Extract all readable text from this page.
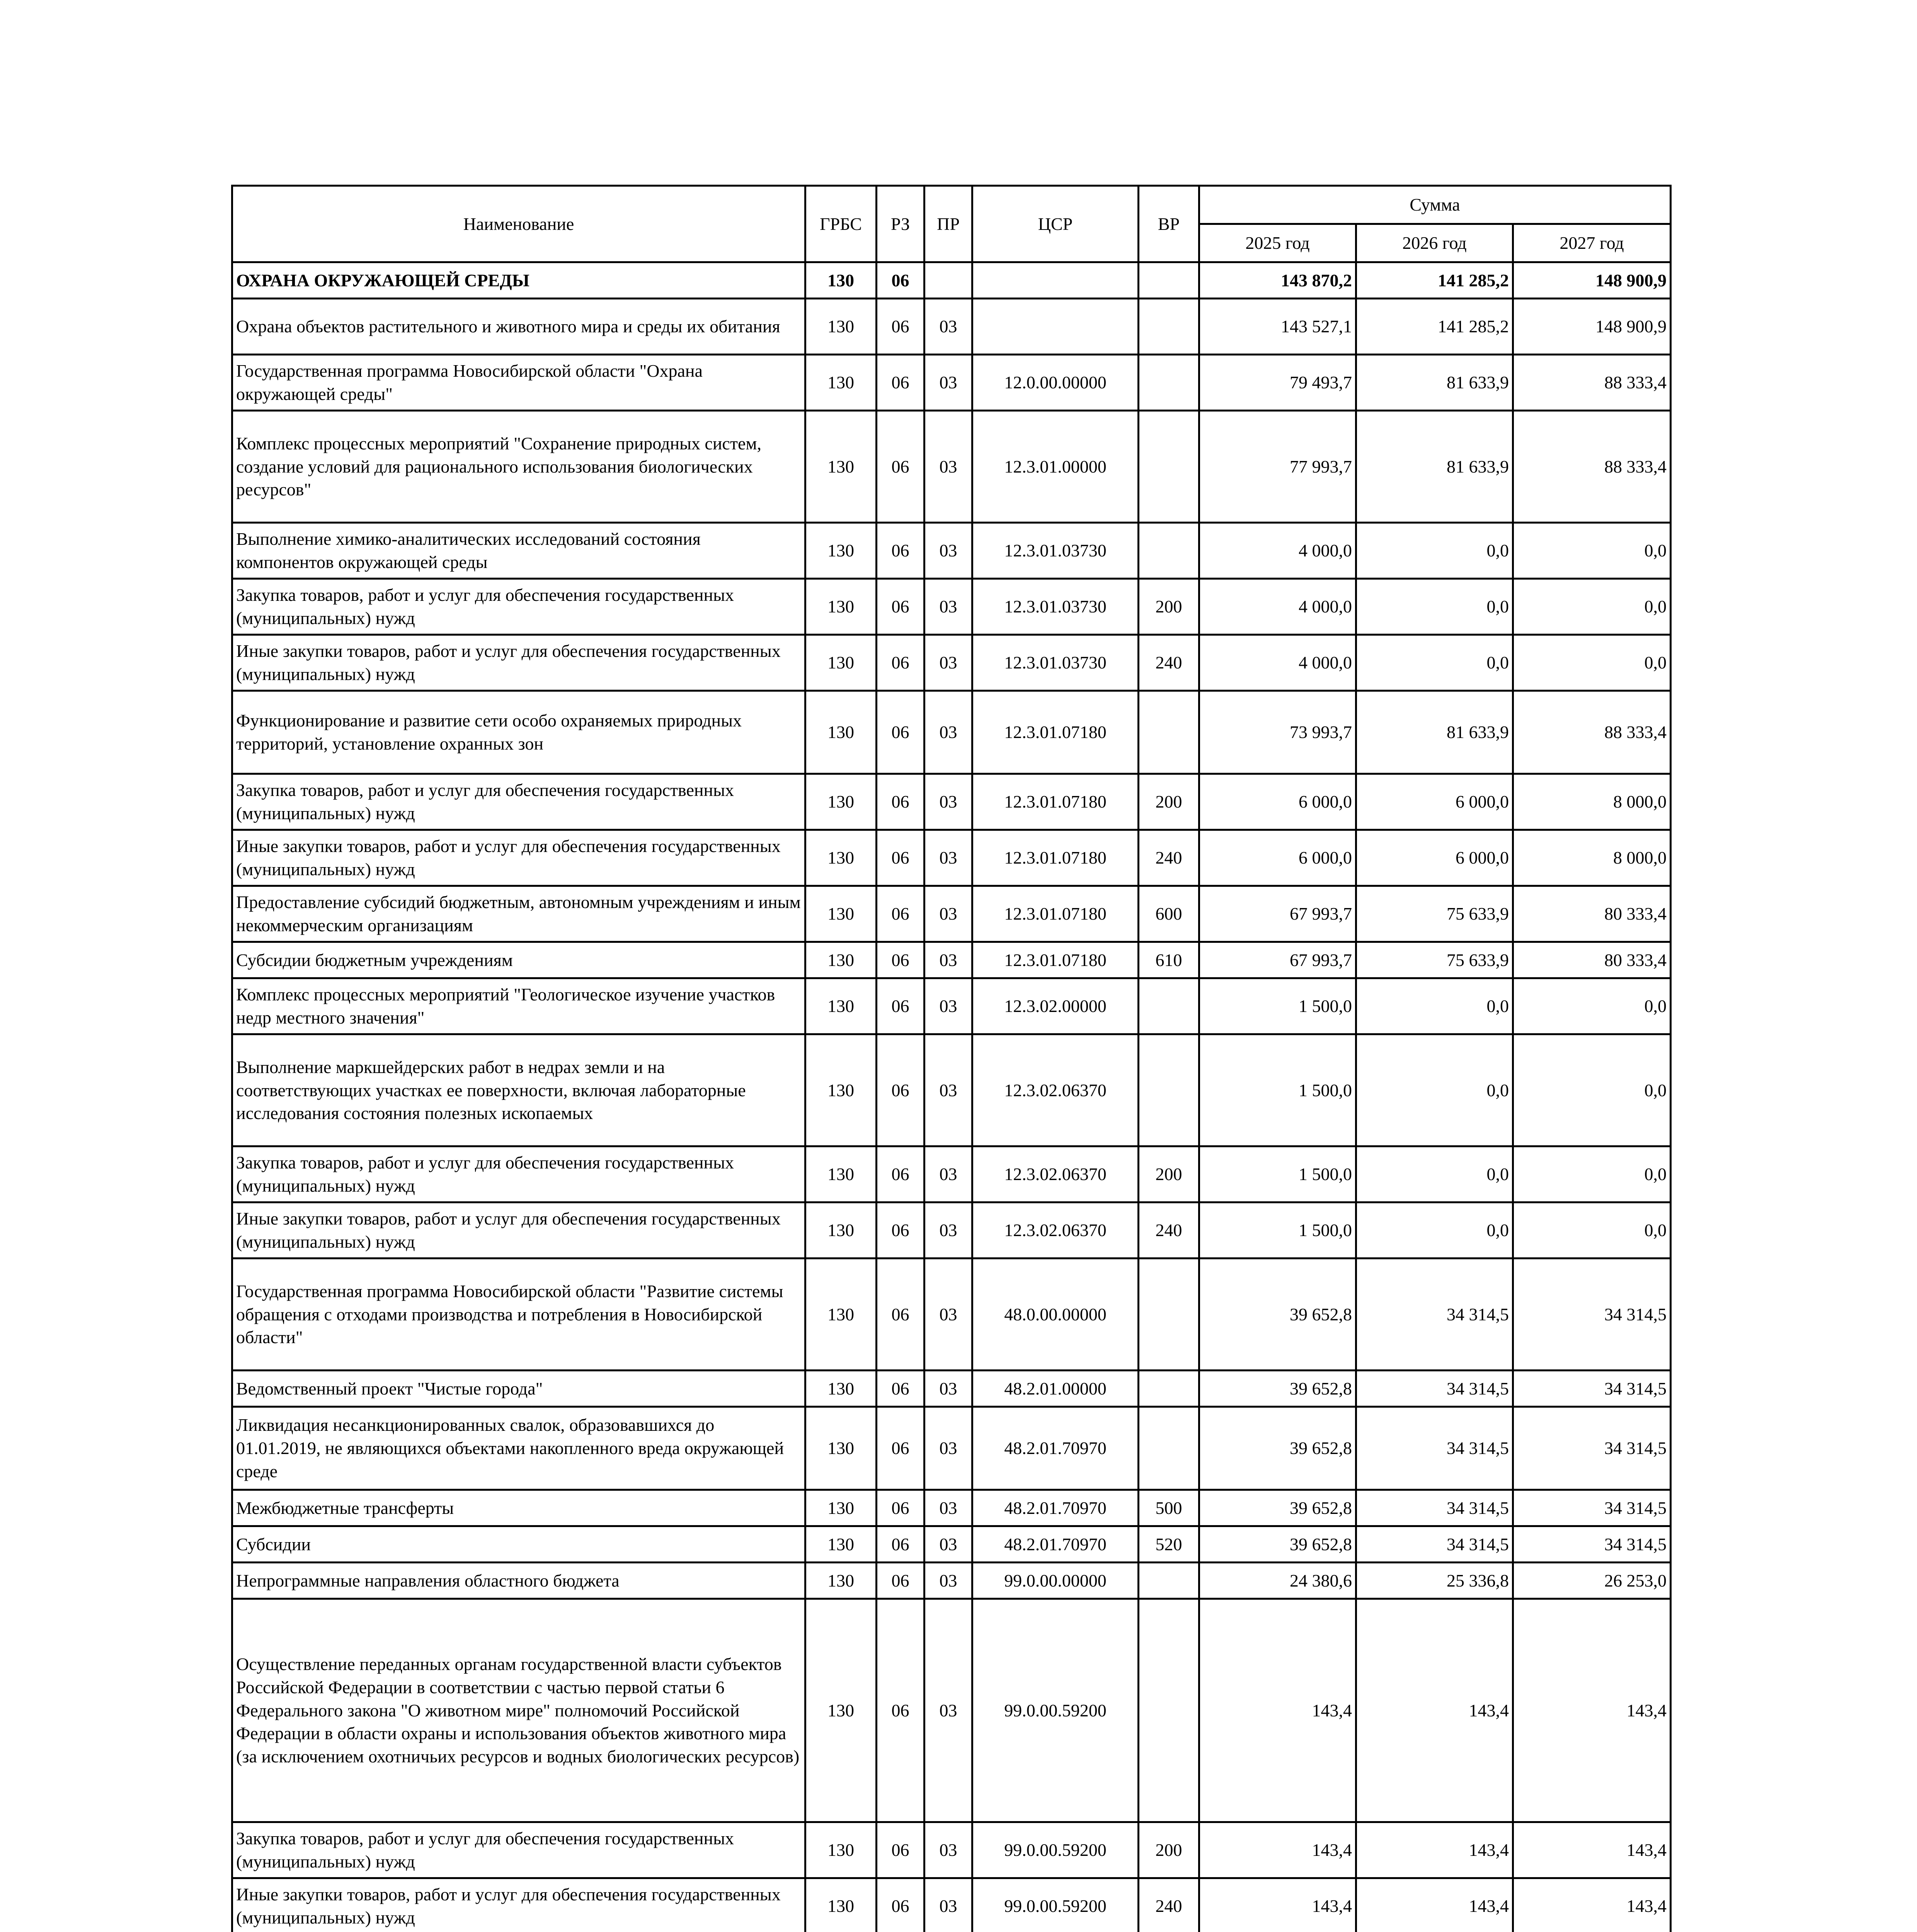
Наименование	ГРБС	РЗ	ПР	ЦСР	ВР	Сумма		
						2025 год	2026 год	2027 год
ОХРАНА ОКРУЖАЮЩЕЙ СРЕДЫ	130	06				143 870,2	141 285,2	148 900,9
Охрана объектов растительного и животного мира и среды их обитания	130	06	03			143 527,1	141 285,2	148 900,9
Государственная программа Новосибирской области "Охрана окружающей среды"	130	06	03	12.0.00.00000		79 493,7	81 633,9	88 333,4
Комплекс процессных мероприятий "Сохранение природных систем, создание условий для рационального использования биологических ресурсов"	130	06	03	12.3.01.00000		77 993,7	81 633,9	88 333,4
Выполнение химико-аналитических исследований состояния компонентов окружающей среды	130	06	03	12.3.01.03730		4 000,0	0,0	0,0
Закупка товаров, работ и услуг для обеспечения государственных (муниципальных) нужд	130	06	03	12.3.01.03730	200	4 000,0	0,0	0,0
Иные закупки товаров, работ и услуг для обеспечения государственных (муниципальных) нужд	130	06	03	12.3.01.03730	240	4 000,0	0,0	0,0
Функционирование и развитие сети особо охраняемых природных территорий, установление охранных зон	130	06	03	12.3.01.07180		73 993,7	81 633,9	88 333,4
Закупка товаров, работ и услуг для обеспечения государственных (муниципальных) нужд	130	06	03	12.3.01.07180	200	6 000,0	6 000,0	8 000,0
Иные закупки товаров, работ и услуг для обеспечения государственных (муниципальных) нужд	130	06	03	12.3.01.07180	240	6 000,0	6 000,0	8 000,0
Предоставление субсидий бюджетным, автономным учреждениям и иным некоммерческим организациям	130	06	03	12.3.01.07180	600	67 993,7	75 633,9	80 333,4
Субсидии бюджетным учреждениям	130	06	03	12.3.01.07180	610	67 993,7	75 633,9	80 333,4
Комплекс процессных мероприятий "Геологическое изучение участков недр местного значения"	130	06	03	12.3.02.00000		1 500,0	0,0	0,0
Выполнение маркшейдерских работ в недрах земли и на соответствующих участках ее поверхности, включая лабораторные исследования состояния полезных ископаемых	130	06	03	12.3.02.06370		1 500,0	0,0	0,0
Закупка товаров, работ и услуг для обеспечения государственных (муниципальных) нужд	130	06	03	12.3.02.06370	200	1 500,0	0,0	0,0
Иные закупки товаров, работ и услуг для обеспечения государственных (муниципальных) нужд	130	06	03	12.3.02.06370	240	1 500,0	0,0	0,0
Государственная программа Новосибирской области "Развитие системы обращения с отходами производства и потребления в Новосибирской области"	130	06	03	48.0.00.00000		39 652,8	34 314,5	34 314,5
Ведомственный проект "Чистые города"	130	06	03	48.2.01.00000		39 652,8	34 314,5	34 314,5
Ликвидация несанкционированных свалок, образовавшихся до 01.01.2019, не являющихся объектами накопленного вреда окружающей среде	130	06	03	48.2.01.70970		39 652,8	34 314,5	34 314,5
Межбюджетные трансферты	130	06	03	48.2.01.70970	500	39 652,8	34 314,5	34 314,5
Субсидии	130	06	03	48.2.01.70970	520	39 652,8	34 314,5	34 314,5
Непрограммные направления областного бюджета	130	06	03	99.0.00.00000		24 380,6	25 336,8	26 253,0
Осуществление переданных органам государственной власти субъектов Российской Федерации в соответствии с частью первой статьи 6 Федерального закона "О животном мире" полномочий Российской Федерации в области охраны и использования объектов животного мира (за исключением охотничьих ресурсов и водных биологических ресурсов)	130	06	03	99.0.00.59200		143,4	143,4	143,4
Закупка товаров, работ и услуг для обеспечения государственных (муниципальных) нужд	130	06	03	99.0.00.59200	200	143,4	143,4	143,4
Иные закупки товаров, работ и услуг для обеспечения государственных (муниципальных) нужд	130	06	03	99.0.00.59200	240	143,4	143,4	143,4
